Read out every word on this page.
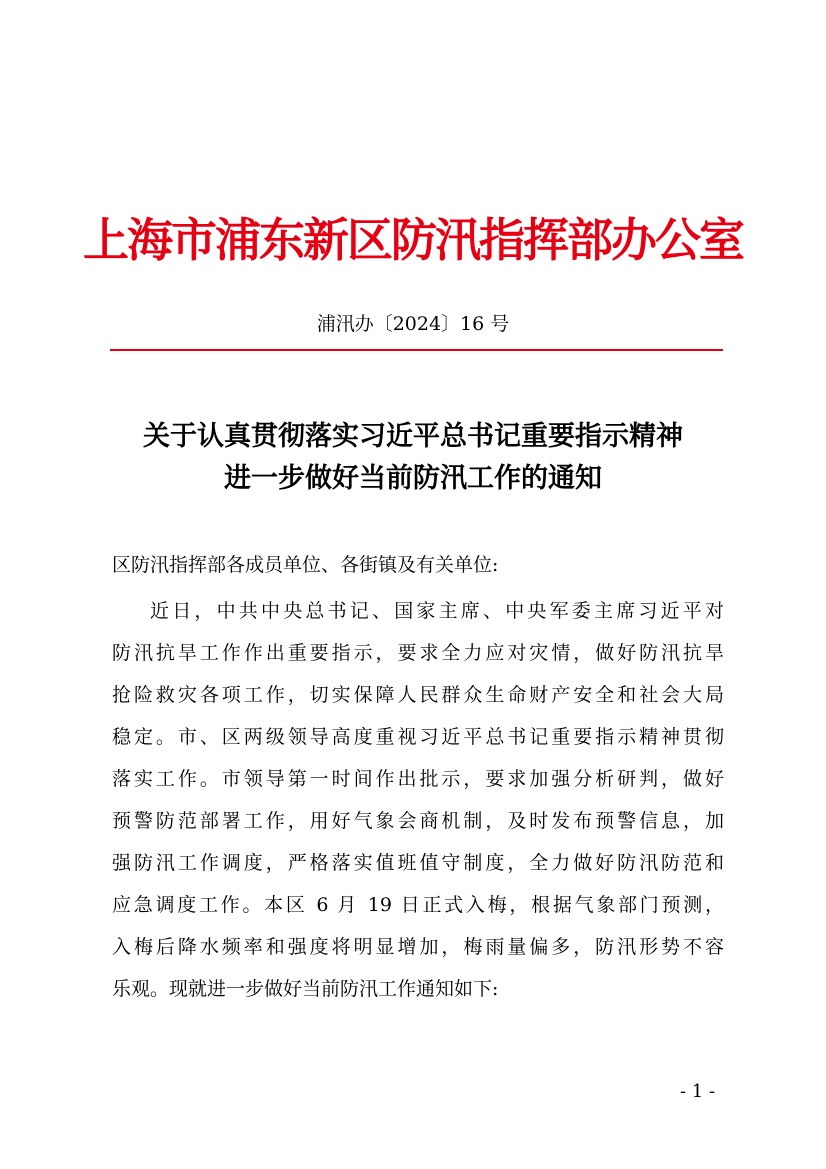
上海市浦东新区防汛指挥部办公室
浦汛办〔2024〕16 号
关于认真贯彻落实习近平总书记重要指示精神
进一步做好当前防汛工作的通知
区防汛指挥部各成员单位、各街镇及有关单位:
近日，中共中央总书记、国家主席、中央军委主席习近平对
防汛抗旱工作作出重要指示，要求全力应对灾情，做好防汛抗旱
抢险救灾各项工作，切实保障人民群众生命财产安全和社会大局
稳定。市、区两级领导高度重视习近平总书记重要指示精神贯彻
落实工作。市领导第一时间作出批示，要求加强分析研判，做好
预警防范部署工作，用好气象会商机制，及时发布预警信息，加
强防汛工作调度，严格落实值班值守制度，全力做好防汛防范和
应急调度工作。本区 6 月 19 日正式入梅，根据气象部门预测，
入梅后降水频率和强度将明显增加，梅雨量偏多，防汛形势不容
乐观。现就进一步做好当前防汛工作通知如下:
- 1 -
